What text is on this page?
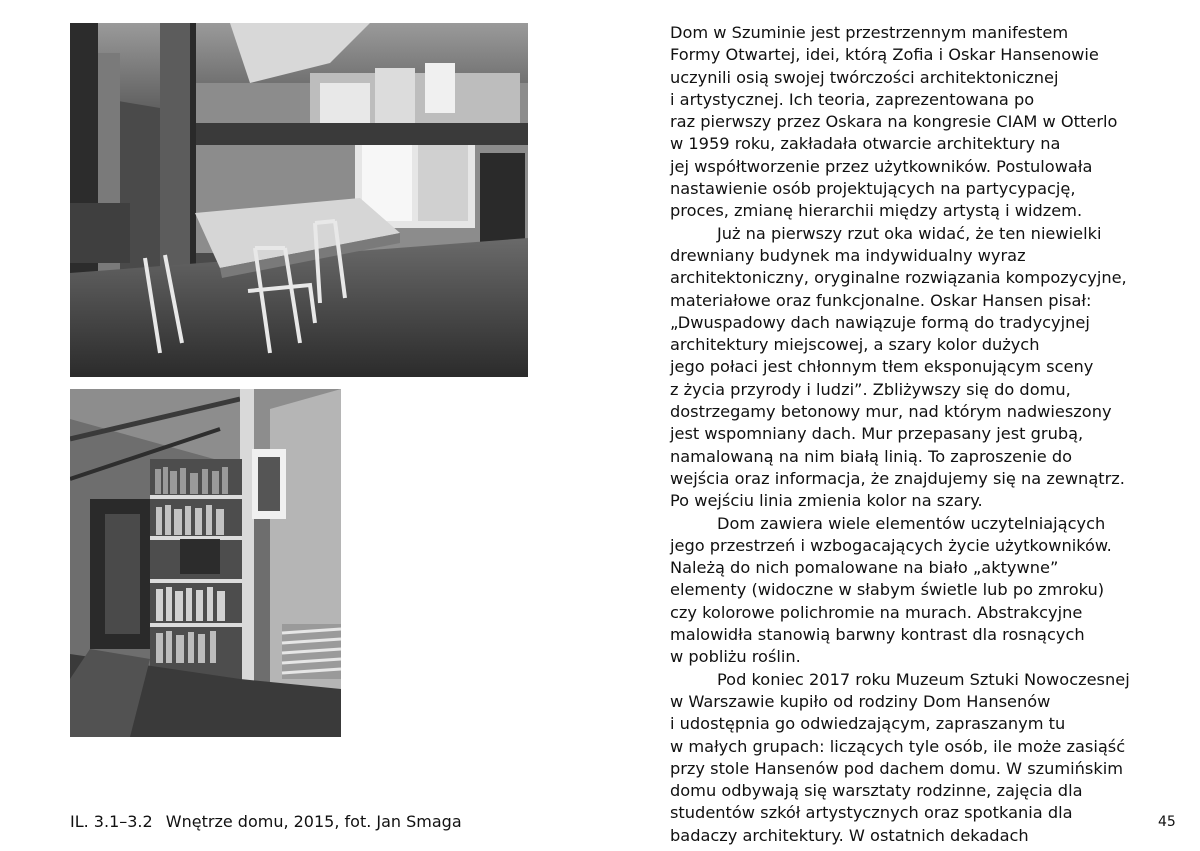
IL. 3.1–3.2 Wnętrze domu, 2015, fot. Jan Smaga

Dom w Szuminie jest przestrzennym manifestem
Formy Otwartej, idei, którą Zofia i Oskar Hansenowie
uczynili osią swojej twórczości architektonicznej
i artystycznej. Ich teoria, zaprezentowana po
raz pierwszy przez Oskara na kongresie CIAM w Otterlo
w 1959 roku, zakładała otwarcie architektury na
jej współtworzenie przez użytkowników. Postulowała
nastawienie osób projektujących na partycypację,
proces, zmianę hierarchii między artystą i widzem.

Już na pierwszy rzut oka widać, że ten niewielki
drewniany budynek ma indywidualny wyraz
architektoniczny, oryginalne rozwiązania kompozycyjne,
materiałowe oraz funkcjonalne. Oskar Hansen pisał:
„Dwuspadowy dach nawiązuje formą do tradycyjnej
architektury miejscowej, a szary kolor dużych
jego połaci jest chłonnym tłem eksponującym sceny
z życia przyrody i ludzi”. Zbliżywszy się do domu,
dostrzegamy betonowy mur, nad którym nadwieszony
jest wspomniany dach. Mur przepasany jest grubą,
namalowaną na nim białą linią. To zaproszenie do
wejścia oraz informacja, że znajdujemy się na zewnątrz.
Po wejściu linia zmienia kolor na szary.

Dom zawiera wiele elementów uczytelniających
jego przestrzeń i wzbogacających życie użytkowników.
Należą do nich pomalowane na biało „aktywne”
elementy (widoczne w słabym świetle lub po zmroku)
czy kolorowe polichromie na murach. Abstrakcyjne
malowidła stanowią barwny kontrast dla rosnących
w pobliżu roślin.

Pod koniec 2017 roku Muzeum Sztuki Nowoczesnej
w Warszawie kupiło od rodziny Dom Hansenów
i udostępnia go odwiedzającym, zapraszanym tu
w małych grupach: liczących tyle osób, ile może zasiąść
przy stole Hansenów pod dachem domu. W szumińskim
domu odbywają się warsztaty rodzinne, zajęcia dla
studentów szkół artystycznych oraz spotkania dla
badaczy architektury. W ostatnich dekadach

45
